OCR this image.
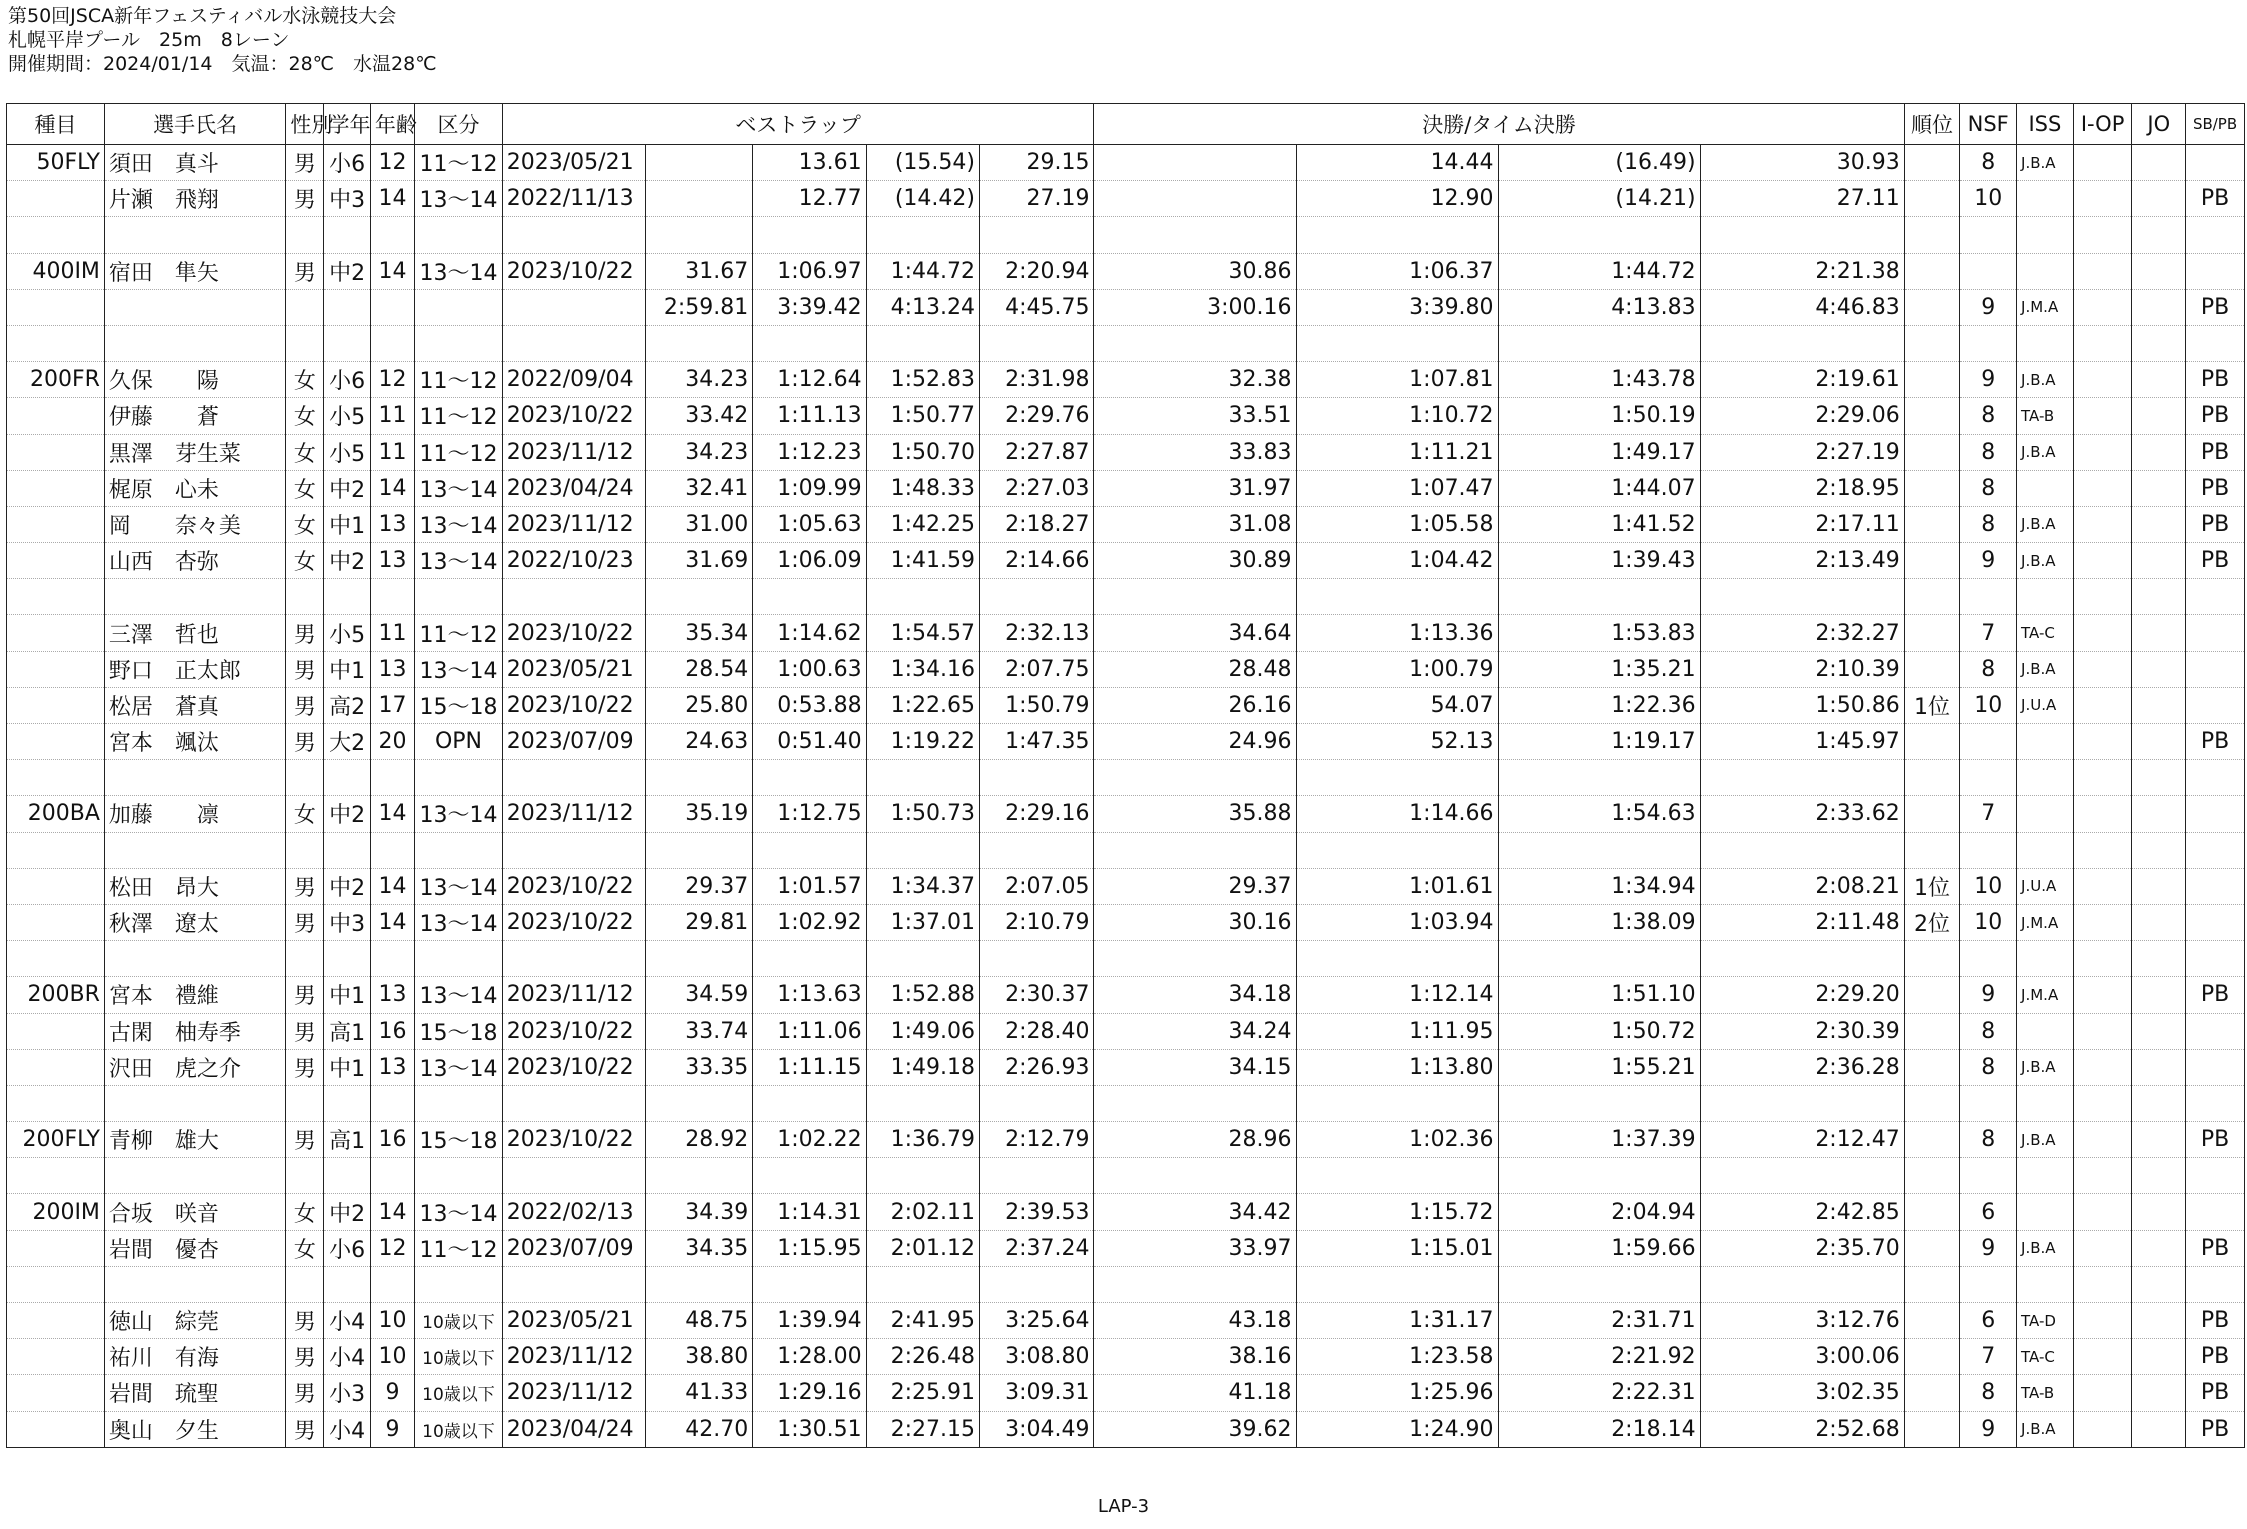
第50回JSCA新年フェスティバル水泳競技大会
札幌平岸プール　25m　8レーン
開催期間：2024/01/14　気温：28℃　水温28℃
種目	選手氏名	性別	学年	年齢	区分	ベストラップ					決勝/タイム決勝				順位	NSF	ISS	I-OP	JO	SB/PB
50FLY	須田　真斗	男	小6	12	11～12	2023/05/21		13.61	(15.54)	29.15		14.44	(16.49)	30.93		8	J.B.A			
	片瀬　飛翔	男	中3	14	13～14	2022/11/13		12.77	(14.42)	27.19		12.90	(14.21)	27.11		10				PB

400IM	宿田　隼矢	男	中2	14	13～14	2023/10/22	31.67	1:06.97	1:44.72	2:20.94	30.86	1:06.37	1:44.72	2:21.38						
							2:59.81	3:39.42	4:13.24	4:45.75	3:00.16	3:39.80	4:13.83	4:46.83		9	J.M.A			PB

200FR	久保　　陽	女	小6	12	11～12	2022/09/04	34.23	1:12.64	1:52.83	2:31.98	32.38	1:07.81	1:43.78	2:19.61		9	J.B.A			PB
	伊藤　　蒼	女	小5	11	11～12	2023/10/22	33.42	1:11.13	1:50.77	2:29.76	33.51	1:10.72	1:50.19	2:29.06		8	TA-B			PB
	黒澤　芽生菜	女	小5	11	11～12	2023/11/12	34.23	1:12.23	1:50.70	2:27.87	33.83	1:11.21	1:49.17	2:27.19		8	J.B.A			PB
	梶原　心未	女	中2	14	13～14	2023/04/24	32.41	1:09.99	1:48.33	2:27.03	31.97	1:07.47	1:44.07	2:18.95		8				PB
	岡　　奈々美	女	中1	13	13～14	2023/11/12	31.00	1:05.63	1:42.25	2:18.27	31.08	1:05.58	1:41.52	2:17.11		8	J.B.A			PB
	山西　杏弥	女	中2	13	13～14	2022/10/23	31.69	1:06.09	1:41.59	2:14.66	30.89	1:04.42	1:39.43	2:13.49		9	J.B.A			PB

	三澤　哲也	男	小5	11	11～12	2023/10/22	35.34	1:14.62	1:54.57	2:32.13	34.64	1:13.36	1:53.83	2:32.27		7	TA-C			
	野口　正太郎	男	中1	13	13～14	2023/05/21	28.54	1:00.63	1:34.16	2:07.75	28.48	1:00.79	1:35.21	2:10.39		8	J.B.A			
	松居　蒼真	男	高2	17	15～18	2023/10/22	25.80	0:53.88	1:22.65	1:50.79	26.16	54.07	1:22.36	1:50.86	1位	10	J.U.A			
	宮本　颯汰	男	大2	20	OPN	2023/07/09	24.63	0:51.40	1:19.22	1:47.35	24.96	52.13	1:19.17	1:45.97						PB

200BA	加藤　　凛	女	中2	14	13～14	2023/11/12	35.19	1:12.75	1:50.73	2:29.16	35.88	1:14.66	1:54.63	2:33.62		7				

	松田　昂大	男	中2	14	13～14	2023/10/22	29.37	1:01.57	1:34.37	2:07.05	29.37	1:01.61	1:34.94	2:08.21	1位	10	J.U.A			
	秋澤　遼太	男	中3	14	13～14	2023/10/22	29.81	1:02.92	1:37.01	2:10.79	30.16	1:03.94	1:38.09	2:11.48	2位	10	J.M.A			

200BR	宮本　禮維	男	中1	13	13～14	2023/11/12	34.59	1:13.63	1:52.88	2:30.37	34.18	1:12.14	1:51.10	2:29.20		9	J.M.A			PB
	古閑　柚寿季	男	高1	16	15～18	2023/10/22	33.74	1:11.06	1:49.06	2:28.40	34.24	1:11.95	1:50.72	2:30.39		8				
	沢田　虎之介	男	中1	13	13～14	2023/10/22	33.35	1:11.15	1:49.18	2:26.93	34.15	1:13.80	1:55.21	2:36.28		8	J.B.A			

200FLY	青柳　雄大	男	高1	16	15～18	2023/10/22	28.92	1:02.22	1:36.79	2:12.79	28.96	1:02.36	1:37.39	2:12.47		8	J.B.A			PB

200IM	合坂　咲音	女	中2	14	13～14	2022/02/13	34.39	1:14.31	2:02.11	2:39.53	34.42	1:15.72	2:04.94	2:42.85		6				
	岩間　優杏	女	小6	12	11～12	2023/07/09	34.35	1:15.95	2:01.12	2:37.24	33.97	1:15.01	1:59.66	2:35.70		9	J.B.A			PB

	徳山　綜莞	男	小4	10	10歳以下	2023/05/21	48.75	1:39.94	2:41.95	3:25.64	43.18	1:31.17	2:31.71	3:12.76		6	TA-D			PB
	祐川　有海	男	小4	10	10歳以下	2023/11/12	38.80	1:28.00	2:26.48	3:08.80	38.16	1:23.58	2:21.92	3:00.06		7	TA-C			PB
	岩間　琉聖	男	小3	9	10歳以下	2023/11/12	41.33	1:29.16	2:25.91	3:09.31	41.18	1:25.96	2:22.31	3:02.35		8	TA-B			PB
	奥山　夕生	男	小4	9	10歳以下	2023/04/24	42.70	1:30.51	2:27.15	3:04.49	39.62	1:24.90	2:18.14	2:52.68		9	J.B.A			PB
LAP-3
